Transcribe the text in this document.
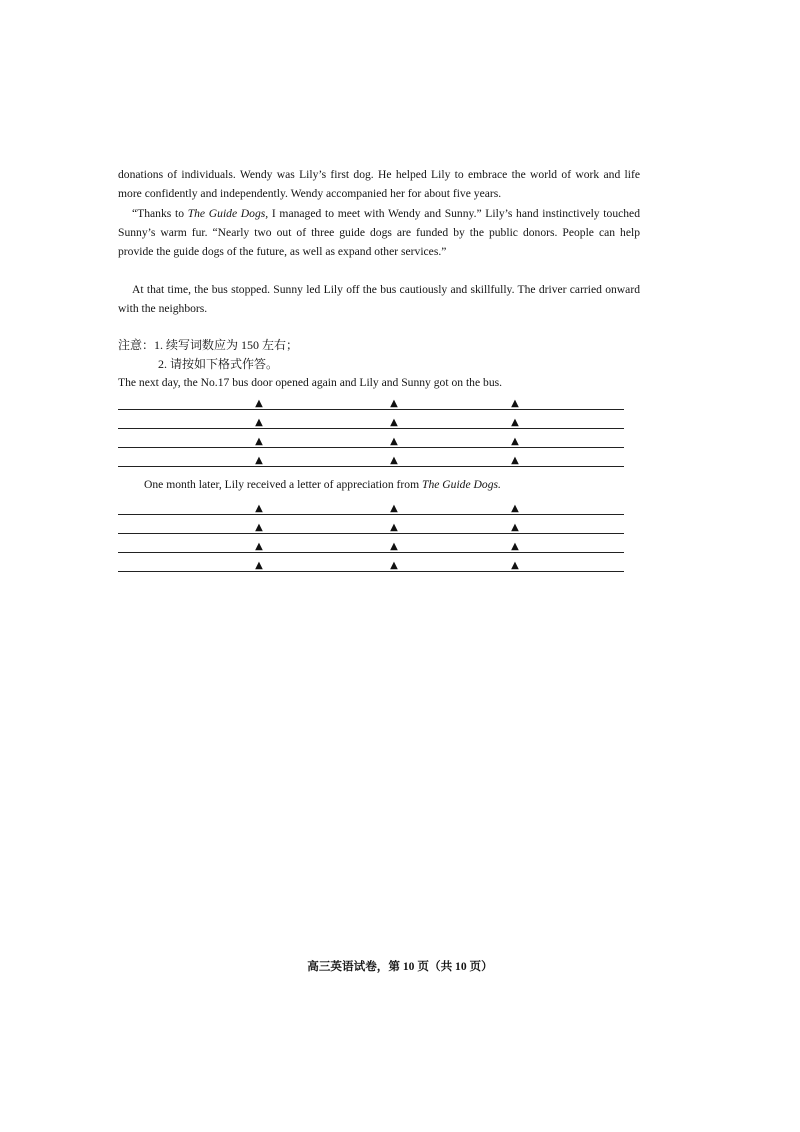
donations of individuals. Wendy was Lily’s first dog. He helped Lily to embrace the world of work and life more confidently and independently. Wendy accompanied her for about five years.

“Thanks to The Guide Dogs, I managed to meet with Wendy and Sunny.” Lily’s hand instinctively touched Sunny’s warm fur. “Nearly two out of three guide dogs are funded by the public donors. People can help provide the guide dogs of the future, as well as expand other services.”

At that time, the bus stopped. Sunny led Lily off the bus cautiously and skillfully. The driver carried onward with the neighbors.

注意：1. 续写词数应为 150 左右；

2. 请按如下格式作答。

The next day, the No.17 bus door opened again and Lily and Sunny got on the bus.

▲	▲	▲
▲	▲	▲
▲	▲	▲
▲	▲	▲

One month later, Lily received a letter of appreciation from The Guide Dogs.

▲	▲	▲
▲	▲	▲
▲	▲	▲
▲	▲	▲
高三英语试卷，第 10 页（共 10 页）
